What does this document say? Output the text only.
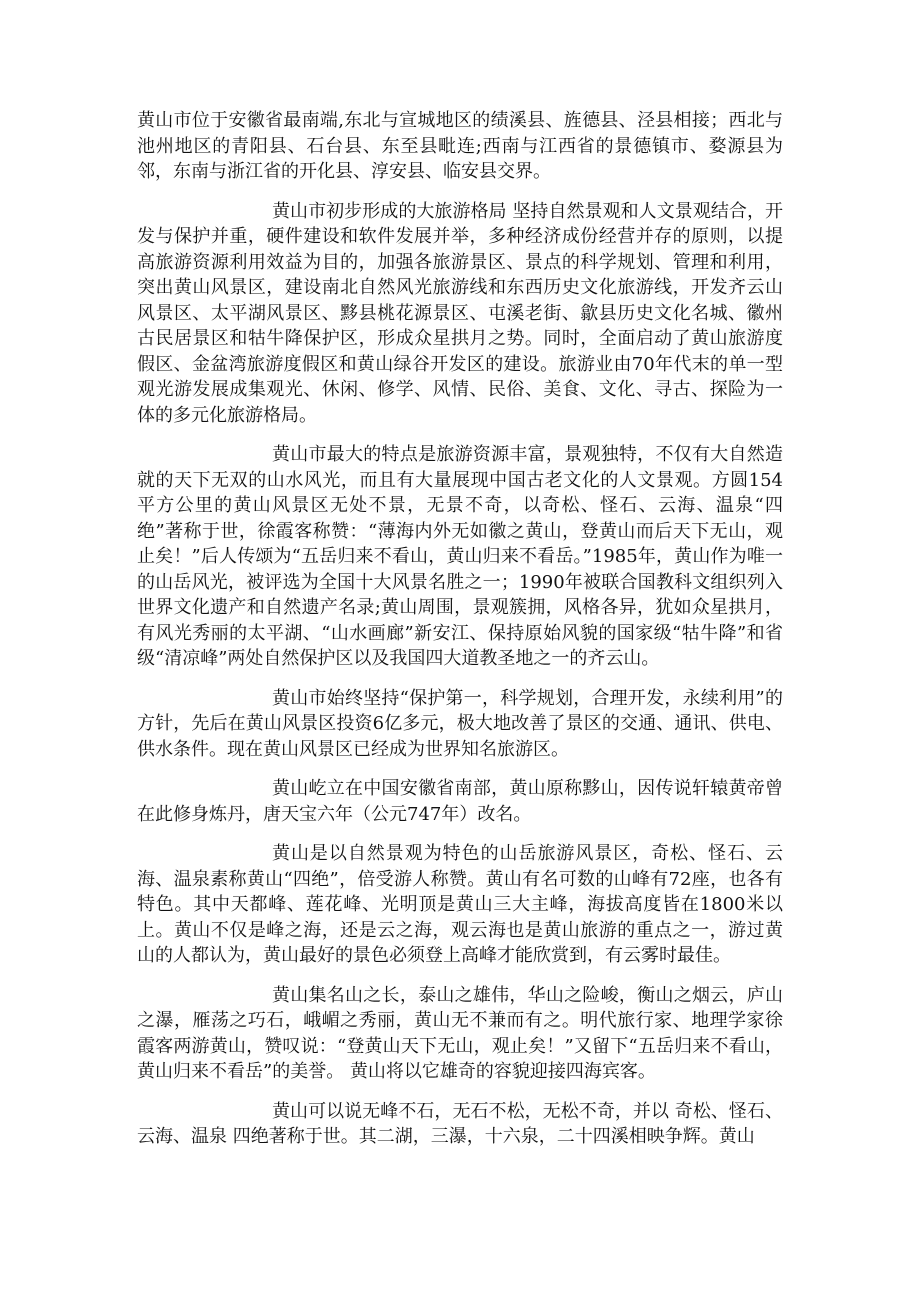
黄山市位于安徽省最南端,东北与宣城地区的绩溪县、旌德县、泾县相接；西北与池州地区的青阳县、石台县、东至县毗连;西南与江西省的景德镇市、婺源县为邻，东南与浙江省的开化县、淳安县、临安县交界。

黄山市初步形成的大旅游格局 坚持自然景观和人文景观结合，开发与保护并重，硬件建设和软件发展并举，多种经济成份经营并存的原则，以提高旅游资源利用效益为目的，加强各旅游景区、景点的科学规划、管理和利用，突出黄山风景区，建设南北自然风光旅游线和东西历史文化旅游线，开发齐云山风景区、太平湖风景区、黟县桃花源景区、屯溪老街、歙县历史文化名城、徽州古民居景区和牯牛降保护区，形成众星拱月之势。同时，全面启动了黄山旅游度假区、金盆湾旅游度假区和黄山绿谷开发区的建设。旅游业由70年代末的单一型观光游发展成集观光、休闲、修学、风情、民俗、美食、文化、寻古、探险为一体的多元化旅游格局。

黄山市最大的特点是旅游资源丰富，景观独特，不仅有大自然造就的天下无双的山水风光，而且有大量展现中国古老文化的人文景观。方圆154平方公里的黄山风景区无处不景，无景不奇，以奇松、怪石、云海、温泉“四绝”著称于世，徐霞客称赞：“薄海内外无如徽之黄山，登黄山而后天下无山，观止矣！”后人传颂为“五岳归来不看山，黄山归来不看岳。”1985年，黄山作为唯一的山岳风光，被评选为全国十大风景名胜之一；1990年被联合国教科文组织列入世界文化遗产和自然遗产名录;黄山周围，景观簇拥，风格各异，犹如众星拱月，有风光秀丽的太平湖、“山水画廊”新安江、保持原始风貌的国家级“牯牛降”和省级“清凉峰”两处自然保护区以及我国四大道教圣地之一的齐云山。

黄山市始终坚持“保护第一，科学规划，合理开发，永续利用”的方针，先后在黄山风景区投资6亿多元，极大地改善了景区的交通、通讯、供电、供水条件。现在黄山风景区已经成为世界知名旅游区。

黄山屹立在中国安徽省南部，黄山原称黟山，因传说轩辕黄帝曾在此修身炼丹，唐天宝六年（公元747年）改名。

黄山是以自然景观为特色的山岳旅游风景区，奇松、怪石、云海、温泉素称黄山“四绝”，倍受游人称赞。黄山有名可数的山峰有72座，也各有特色。其中天都峰、莲花峰、光明顶是黄山三大主峰，海拔高度皆在1800米以上。黄山不仅是峰之海，还是云之海，观云海也是黄山旅游的重点之一，游过黄山的人都认为，黄山最好的景色必须登上高峰才能欣赏到，有云雾时最佳。

黄山集名山之长，泰山之雄伟，华山之险峻，衡山之烟云，庐山之瀑，雁荡之巧石，峨嵋之秀丽，黄山无不兼而有之。明代旅行家、地理学家徐霞客两游黄山，赞叹说：“登黄山天下无山，观止矣！”又留下“五岳归来不看山，黄山归来不看岳”的美誉。 黄山将以它雄奇的容貌迎接四海宾客。

黄山可以说无峰不石，无石不松，无松不奇，并以 奇松、怪石、云海、温泉 四绝著称于世。其二湖，三瀑，十六泉，二十四溪相映争辉。黄山
